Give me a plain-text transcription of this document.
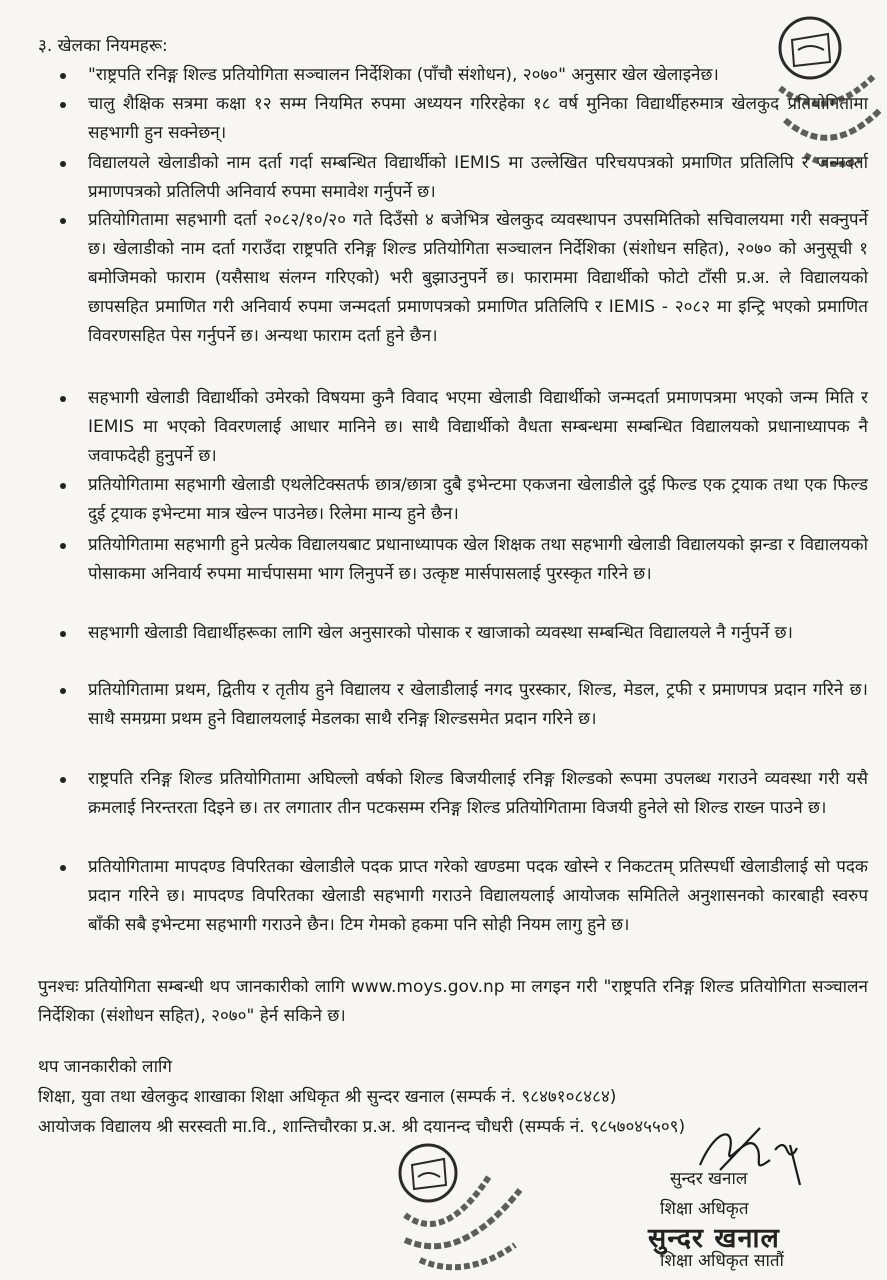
३. खेलका नियमहरू:
"राष्ट्रपति रनिङ्ग शिल्ड प्रतियोगिता सञ्चालन निर्देशिका (पाँचौ संशोधन), २०७०" अनुसार खेल खेलाइनेछ।
चालु शैक्षिक सत्रमा कक्षा १२ सम्म नियमित रुपमा अध्ययन गरिरहेका १८ वर्ष मुनिका विद्यार्थीहरुमात्र खेलकुद प्रतियोगितामा सहभागी हुन सक्नेछन्।
विद्यालयले खेलाडीको नाम दर्ता गर्दा सम्बन्धित विद्यार्थीको IEMIS मा उल्लेखित परिचयपत्रको प्रमाणित प्रतिलिपि र जन्मदर्ता प्रमाणपत्रको प्रतिलिपी अनिवार्य रुपमा समावेश गर्नुपर्ने छ।
प्रतियोगितामा सहभागी दर्ता २०८२/१०/२० गते दिउँसो ४ बजेभित्र खेलकुद व्यवस्थापन उपसमितिको सचिवालयमा गरी सक्नुपर्ने छ। खेलाडीको नाम दर्ता गराउँदा राष्ट्रपति रनिङ्ग शिल्ड प्रतियोगिता सञ्चालन निर्देशिका (संशोधन सहित), २०७० को अनुसूची १ बमोजिमको फाराम (यसैसाथ संलग्न गरिएको) भरी बुझाउनुपर्ने छ। फाराममा विद्यार्थीको फोटो टाँसी प्र.अ. ले विद्यालयको छापसहित प्रमाणित गरी अनिवार्य रुपमा जन्मदर्ता प्रमाणपत्रको प्रमाणित प्रतिलिपि र IEMIS - २०८२ मा इन्ट्रि भएको प्रमाणित विवरणसहित पेस गर्नुपर्ने छ। अन्यथा फाराम दर्ता हुने छैन।
सहभागी खेलाडी विद्यार्थीको उमेरको विषयमा कुनै विवाद भएमा खेलाडी विद्यार्थीको जन्मदर्ता प्रमाणपत्रमा भएको जन्म मिति र IEMIS मा भएको विवरणलाई आधार मानिने छ। साथै विद्यार्थीको वैधता सम्बन्धमा सम्बन्धित विद्यालयको प्रधानाध्यापक नै जवाफदेही हुनुपर्ने छ।
प्रतियोगितामा सहभागी खेलाडी एथलेटिक्सतर्फ छात्र/छात्रा दुबै इभेन्टमा एकजना खेलाडीले दुई फिल्ड एक ट्रयाक तथा एक फिल्ड दुई ट्रयाक इभेन्टमा मात्र खेल्न पाउनेछ। रिलेमा मान्य हुने छैन।
प्रतियोगितामा सहभागी हुने प्रत्येक विद्यालयबाट प्रधानाध्यापक खेल शिक्षक तथा सहभागी खेलाडी विद्यालयको झन्डा र विद्यालयको पोसाकमा अनिवार्य रुपमा मार्चपासमा भाग लिनुपर्ने छ। उत्कृष्ट मार्सपासलाई पुरस्कृत गरिने छ।
सहभागी खेलाडी विद्यार्थीहरूका लागि खेल अनुसारको पोसाक र खाजाको व्यवस्था सम्बन्धित विद्यालयले नै गर्नुपर्ने छ।
प्रतियोगितामा प्रथम, द्वितीय र तृतीय हुने विद्यालय र खेलाडीलाई नगद पुरस्कार, शिल्ड, मेडल, ट्रफी र प्रमाणपत्र प्रदान गरिने छ। साथै समग्रमा प्रथम हुने विद्यालयलाई मेडलका साथै रनिङ्ग शिल्डसमेत प्रदान गरिने छ।
राष्ट्रपति रनिङ्ग शिल्ड प्रतियोगितामा अघिल्लो वर्षको शिल्ड बिजयीलाई रनिङ्ग शिल्डको रूपमा उपलब्ध गराउने व्यवस्था गरी यसै क्रमलाई निरन्तरता दिइने छ। तर लगातार तीन पटकसम्म रनिङ्ग शिल्ड प्रतियोगितामा विजयी हुनेले सो शिल्ड राख्न पाउने छ।
प्रतियोगितामा मापदण्ड विपरितका खेलाडीले पदक प्राप्त गरेको खण्डमा पदक खोस्ने र निकटतम् प्रतिस्पर्धी खेलाडीलाई सो पदक प्रदान गरिने छ। मापदण्ड विपरितका खेलाडी सहभागी गराउने विद्यालयलाई आयोजक समितिले अनुशासनको कारबाही स्वरुप बाँकी सबै इभेन्टमा सहभागी गराउने छैन। टिम गेमको हकमा पनि सोही नियम लागु हुने छ।
पुनश्चः प्रतियोगिता सम्बन्धी थप जानकारीको लागि www.moys.gov.np मा लगइन गरी "राष्ट्रपति रनिङ्ग शिल्ड प्रतियोगिता सञ्चालन निर्देशिका (संशोधन सहित), २०७०" हेर्न सकिने छ।
थप जानकारीको लागि
शिक्षा, युवा तथा खेलकुद शाखाका शिक्षा अधिकृत श्री सुन्दर खनाल (सम्पर्क नं. ९८४७१०८४८४)
आयोजक विद्यालय श्री सरस्वती मा.वि., शान्तिचौरका प्र.अ. श्री दयानन्द चौधरी (सम्पर्क नं. ९८५७०४५५०९)
सुन्दर खनाल
शिक्षा अधिकृत
सुन्दर खनाल
शिक्षा अधिकृत सातौं
